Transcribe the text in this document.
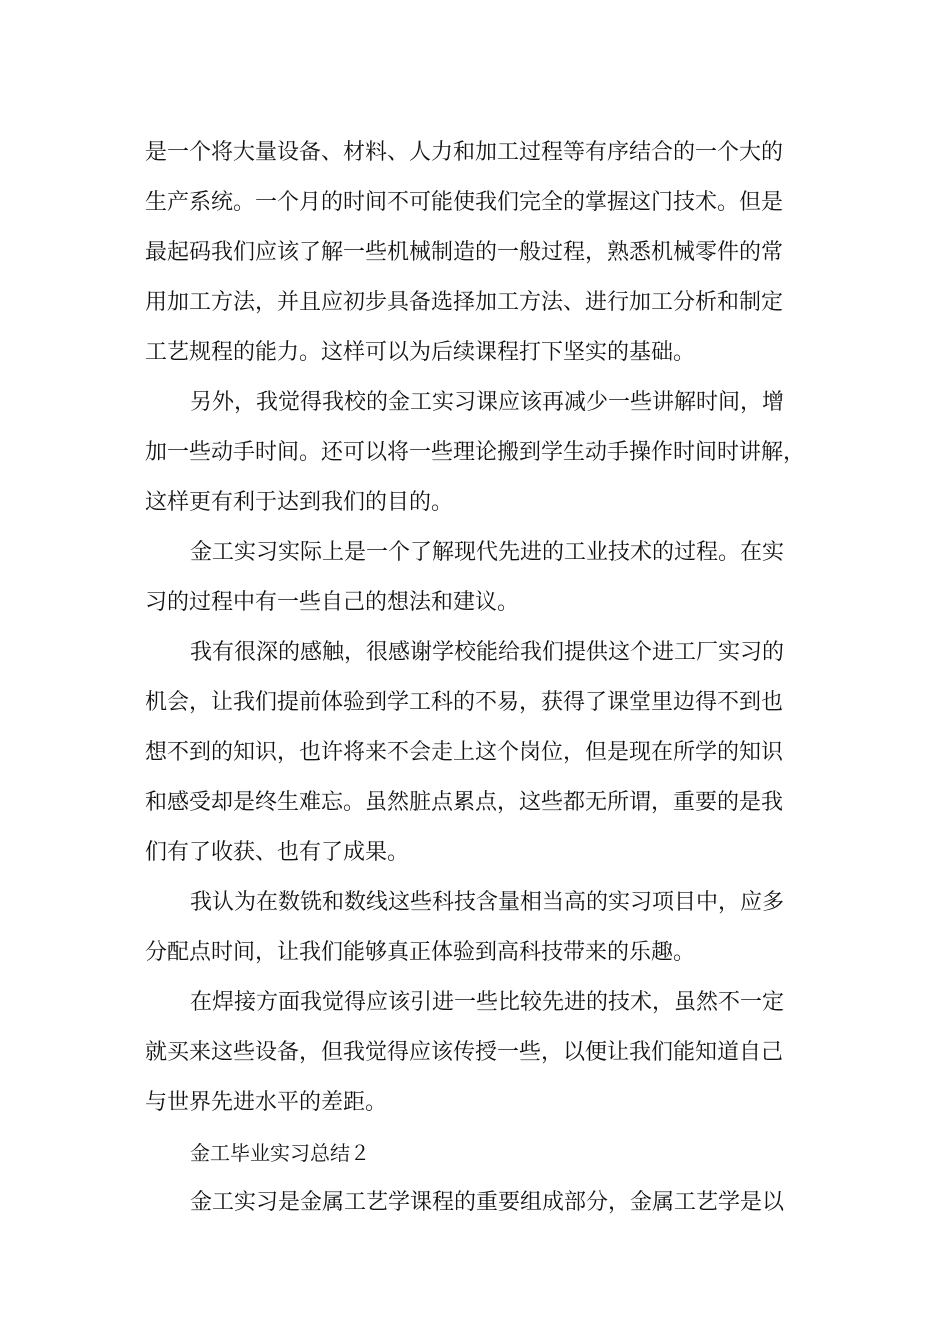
是一个将大量设备、材料、人力和加工过程等有序结合的一个大的
生产系统。一个月的时间不可能使我们完全的掌握这门技术。但是
最起码我们应该了解一些机械制造的一般过程，熟悉机械零件的常
用加工方法，并且应初步具备选择加工方法、进行加工分析和制定
工艺规程的能力。这样可以为后续课程打下坚实的基础。
另外，我觉得我校的金工实习课应该再减少一些讲解时间，增
加一些动手时间。还可以将一些理论搬到学生动手操作时间时讲解，
这样更有利于达到我们的目的。
金工实习实际上是一个了解现代先进的工业技术的过程。在实
习的过程中有一些自己的想法和建议。
我有很深的感触，很感谢学校能给我们提供这个进工厂实习的
机会，让我们提前体验到学工科的不易，获得了课堂里边得不到也
想不到的知识，也许将来不会走上这个岗位，但是现在所学的知识
和感受却是终生难忘。虽然脏点累点，这些都无所谓，重要的是我
们有了收获、也有了成果。
我认为在数铣和数线这些科技含量相当高的实习项目中，应多
分配点时间，让我们能够真正体验到高科技带来的乐趣。
在焊接方面我觉得应该引进一些比较先进的技术，虽然不一定
就买来这些设备，但我觉得应该传授一些，以便让我们能知道自己
与世界先进水平的差距。
金工毕业实习总结２
金工实习是金属工艺学课程的重要组成部分，金属工艺学是以
